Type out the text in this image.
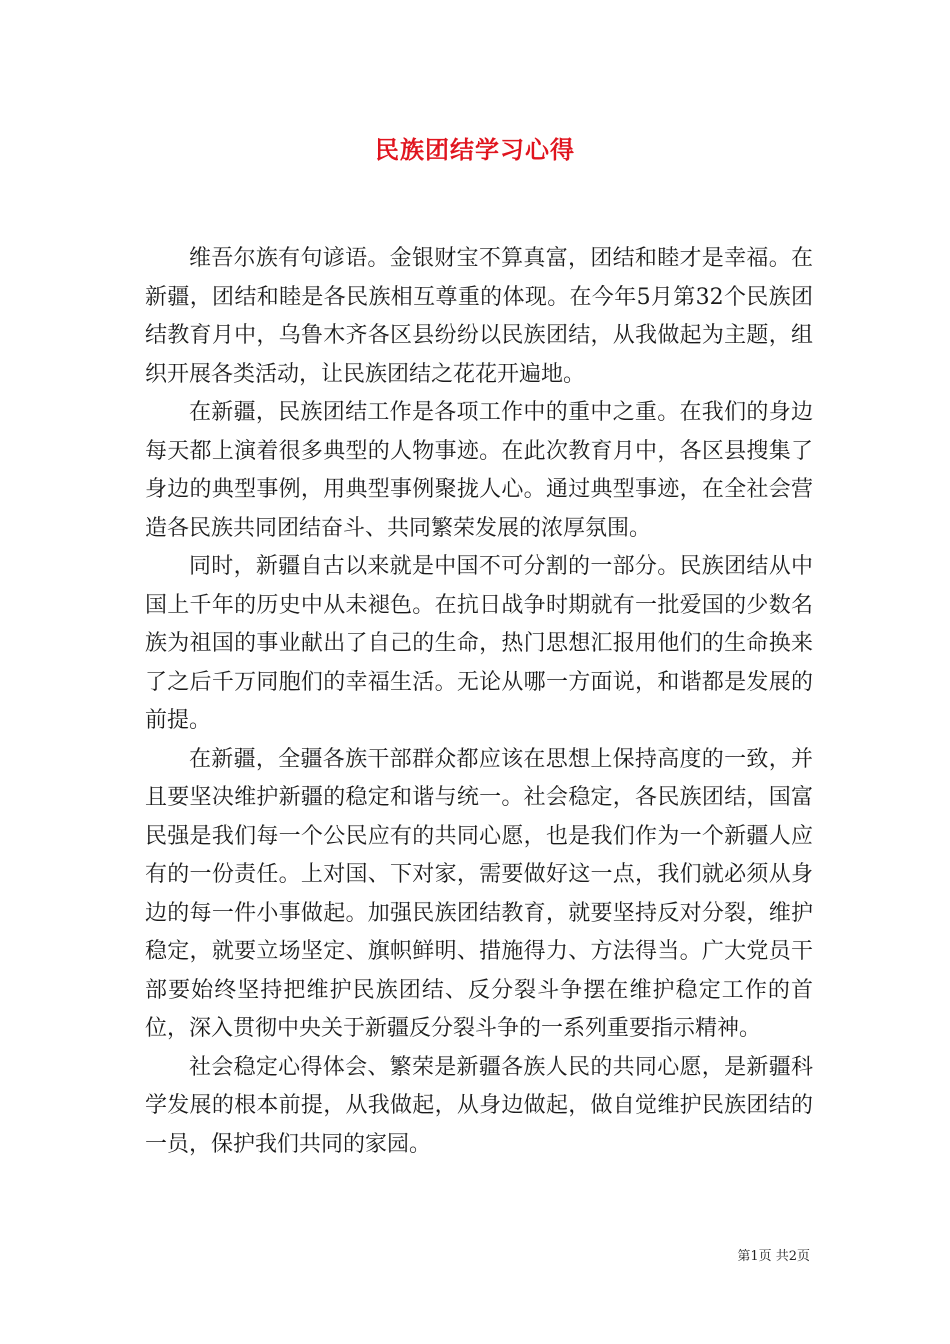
民族团结学习心得

维吾尔族有句谚语。金银财宝不算真富，团结和睦才是幸福。在新疆，团结和睦是各民族相互尊重的体现。在今年5月第32个民族团结教育月中，乌鲁木齐各区县纷纷以民族团结，从我做起为主题，组织开展各类活动，让民族团结之花花开遍地。

在新疆，民族团结工作是各项工作中的重中之重。在我们的身边每天都上演着很多典型的人物事迹。在此次教育月中，各区县搜集了身边的典型事例，用典型事例聚拢人心。通过典型事迹，在全社会营造各民族共同团结奋斗、共同繁荣发展的浓厚氛围。

同时，新疆自古以来就是中国不可分割的一部分。民族团结从中国上千年的历史中从未褪色。在抗日战争时期就有一批爱国的少数名族为祖国的事业献出了自己的生命，热门思想汇报用他们的生命换来了之后千万同胞们的幸福生活。无论从哪一方面说，和谐都是发展的前提。

在新疆，全疆各族干部群众都应该在思想上保持高度的一致，并且要坚决维护新疆的稳定和谐与统一。社会稳定，各民族团结，国富民强是我们每一个公民应有的共同心愿，也是我们作为一个新疆人应有的一份责任。上对国、下对家，需要做好这一点，我们就必须从身边的每一件小事做起。加强民族团结教育，就要坚持反对分裂，维护稳定，就要立场坚定、旗帜鲜明、措施得力、方法得当。广大党员干部要始终坚持把维护民族团结、反分裂斗争摆在维护稳定工作的首位，深入贯彻中央关于新疆反分裂斗争的一系列重要指示精神。

社会稳定心得体会、繁荣是新疆各族人民的共同心愿，是新疆科学发展的根本前提，从我做起，从身边做起，做自觉维护民族团结的一员，保护我们共同的家园。

第1页 共2页
